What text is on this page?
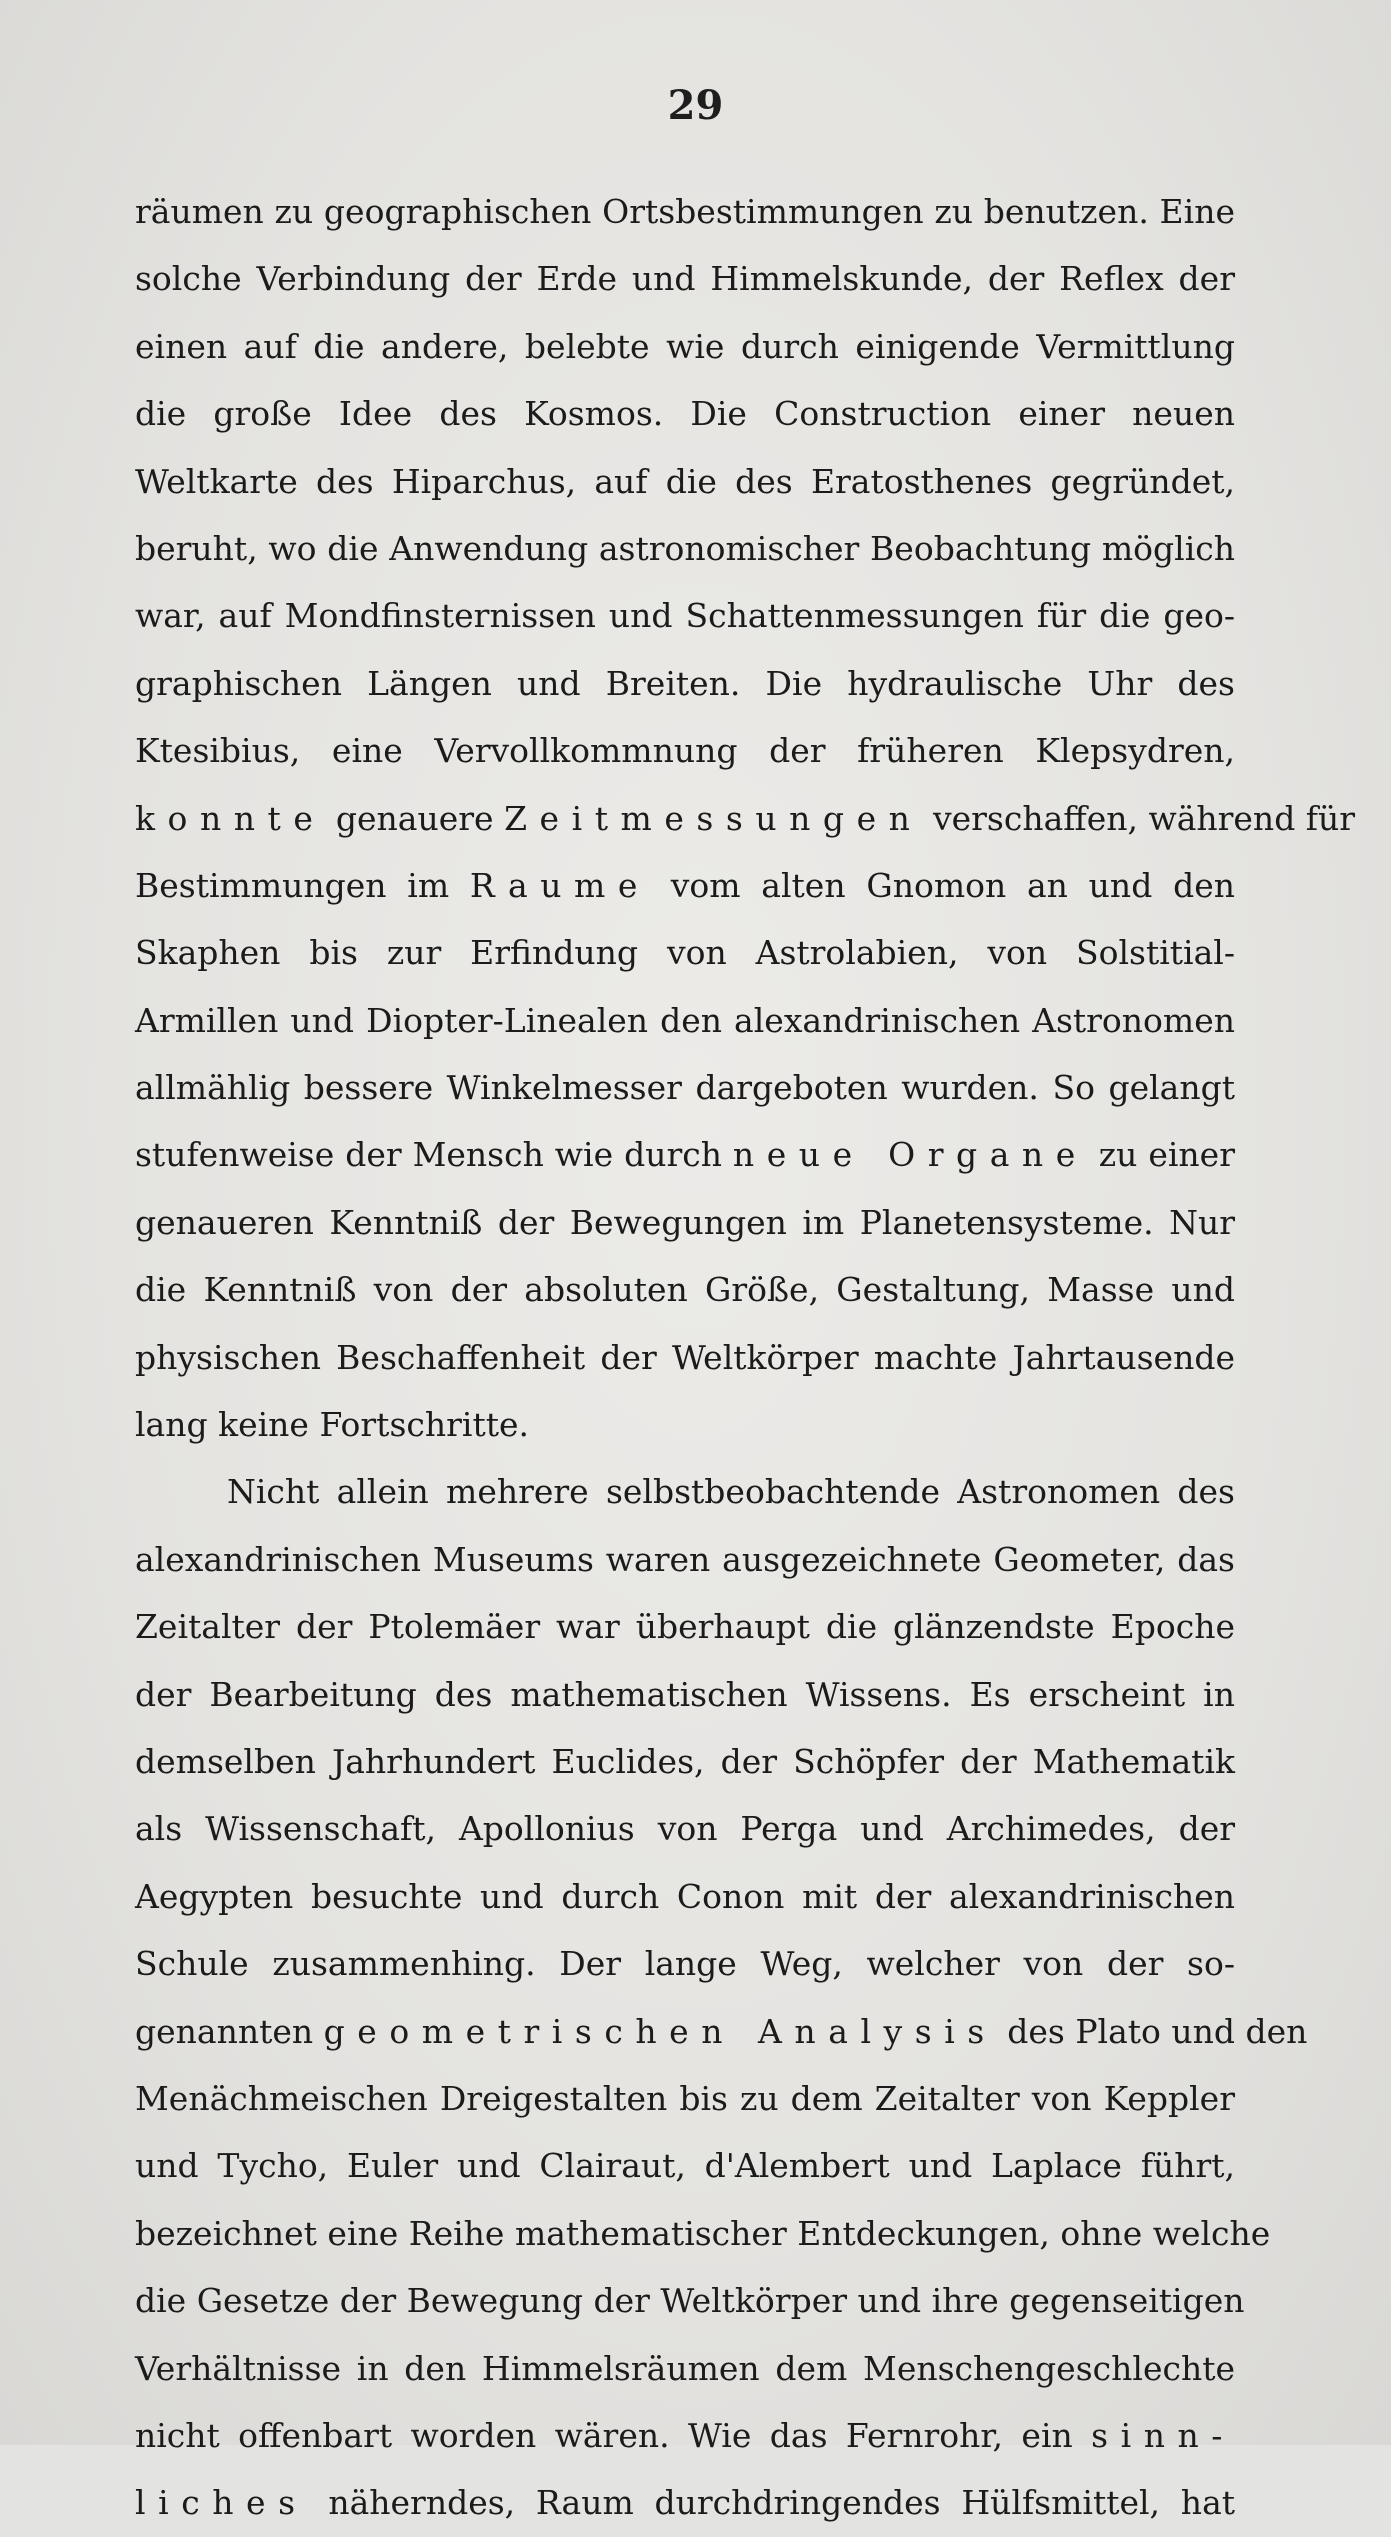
29
räumen zu geographischen Ortsbestimmungen zu benutzen. Eine
solche Verbindung der Erde und Himmelskunde, der Reflex der
einen auf die andere, belebte wie durch einigende Vermittlung
die große Idee des Kosmos. Die Construction einer neuen
Weltkarte des Hiparchus, auf die des Eratosthenes gegründet,
beruht, wo die Anwendung astronomischer Beobachtung möglich
war, auf Mondfinsternissen und Schattenmessungen für die geo-
graphischen Längen und Breiten. Die hydraulische Uhr des
Ktesibius, eine Vervollkommnung der früheren Klepsydren,
konnte genauere Zeitmessungen verschaffen, während für
Bestimmungen im Raume vom alten Gnomon an und den
Skaphen bis zur Erfindung von Astrolabien, von Solstitial-
Armillen und Diopter-Linealen den alexandrinischen Astronomen
allmählig bessere Winkelmesser dargeboten wurden. So gelangt
stufenweise der Mensch wie durch neue Organe zu einer
genaueren Kenntniß der Bewegungen im Planetensysteme. Nur
die Kenntniß von der absoluten Größe, Gestaltung, Masse und
physischen Beschaffenheit der Weltkörper machte Jahrtausende
lang keine Fortschritte.
Nicht allein mehrere selbstbeobachtende Astronomen des
alexandrinischen Museums waren ausgezeichnete Geometer, das
Zeitalter der Ptolemäer war überhaupt die glänzendste Epoche
der Bearbeitung des mathematischen Wissens. Es erscheint in
demselben Jahrhundert Euclides, der Schöpfer der Mathematik
als Wissenschaft, Apollonius von Perga und Archimedes, der
Aegypten besuchte und durch Conon mit der alexandrinischen
Schule zusammenhing. Der lange Weg, welcher von der so-
genannten geometrischen Analysis des Plato und den
Menächmeischen Dreigestalten bis zu dem Zeitalter von Keppler
und Tycho, Euler und Clairaut, d'Alembert und Laplace führt,
bezeichnet eine Reihe mathematischer Entdeckungen, ohne welche
die Gesetze der Bewegung der Weltkörper und ihre gegenseitigen
Verhältnisse in den Himmelsräumen dem Menschengeschlechte
nicht offenbart worden wären. Wie das Fernrohr, ein sinn-
liches näherndes, Raum durchdringendes Hülfsmittel, hat
